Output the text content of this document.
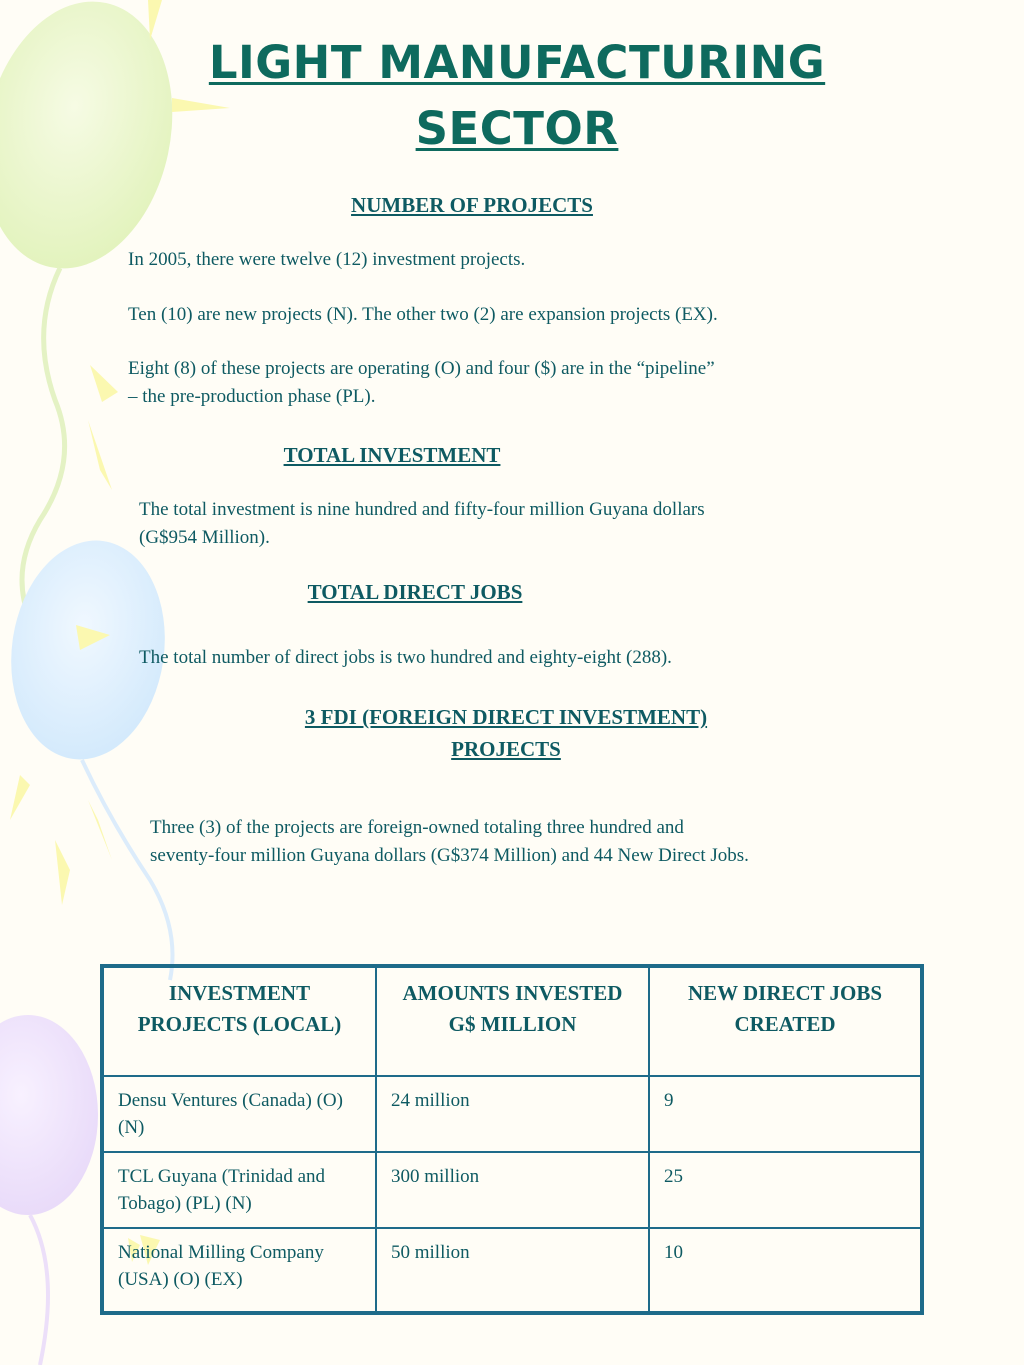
LIGHT MANUFACTURING
SECTOR
NUMBER OF PROJECTS
In 2005, there were twelve (12) investment projects.
Ten (10) are new projects (N). The other two (2) are expansion projects (EX).
Eight (8) of these projects are operating (O) and four ($) are in the “pipeline”
– the pre-production phase (PL).
TOTAL INVESTMENT
The total investment is nine hundred and fifty-four million Guyana dollars
(G$954 Million).
TOTAL DIRECT JOBS
The total number of direct jobs is two hundred and eighty-eight (288).
3 FDI (FOREIGN DIRECT INVESTMENT)
PROJECTS
Three (3) of the projects are foreign-owned totaling three hundred and
seventy-four million Guyana dollars (G$374 Million) and 44 New Direct Jobs.
INVESTMENT PROJECTS (LOCAL)	AMOUNTS INVESTED G$ MILLION	NEW DIRECT JOBS CREATED
Densu Ventures (Canada) (O) (N)	24 million	9
TCL Guyana (Trinidad and Tobago) (PL) (N)	300 million	25
National Milling Company (USA) (O) (EX)	50 million	10
